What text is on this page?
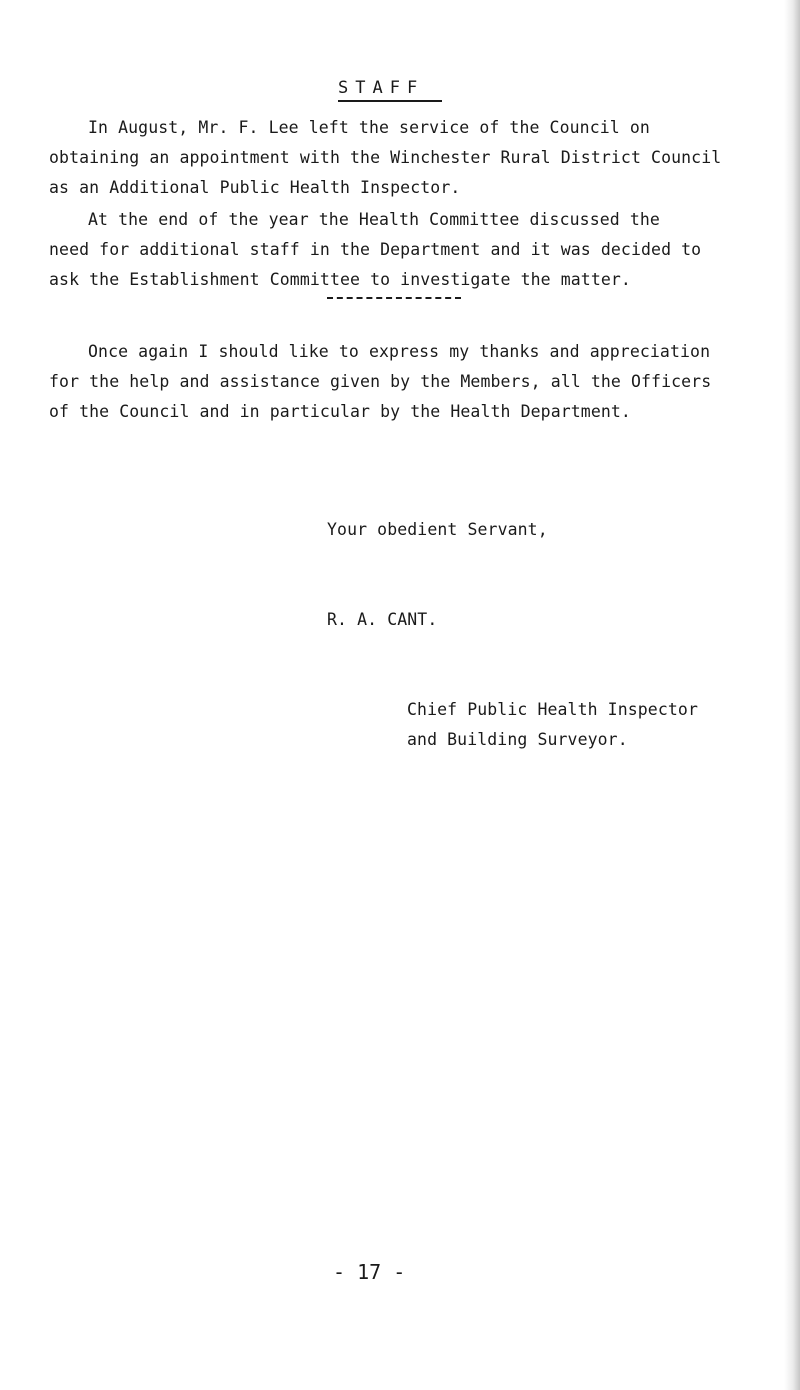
STAFF
In August, Mr. F. Lee left the service of the Council on
obtaining an appointment with the Winchester Rural District Council
as an Additional Public Health Inspector.
At the end of the year the Health Committee discussed the
need for additional staff in the Department and it was decided to
ask the Establishment Committee to investigate the matter.
Once again I should like to express my thanks and appreciation
for the help and assistance given by the Members, all the Officers
of the Council and in particular by the Health Department.
Your obedient Servant,
R. A. CANT.
Chief Public Health Inspector
and Building Surveyor.
- 17 -
